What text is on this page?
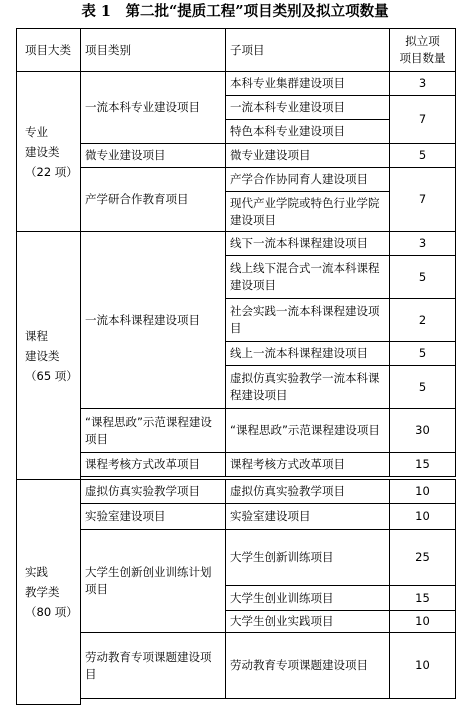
表 1　第二批“提质工程”项目类别及拟立项数量
项目大类	项目类别	子项目	拟立项
项目数量

专业
建设类
（22 项）	一流本科专业建设项目	本科专业集群建设项目	3
		一流本科专业建设项目	7
		特色本科专业建设项目	
	微专业建设项目	微专业建设项目	5
	产学研合作教育项目	产学合作协同育人建设项目	7
		现代产业学院或特色行业学院建设项目	

课程
建设类
（65 项）	一流本科课程建设项目	线下一流本科课程建设项目	3
		线上线下混合式一流本科课程建设项目	5
		社会实践一流本科课程建设项目	2
		线上一流本科课程建设项目	5
		虚拟仿真实验教学一流本科课程建设项目	5
	“课程思政”示范课程建设项目	“课程思政”示范课程建设项目	30
	课程考核方式改革项目	课程考核方式改革项目	15

实践
教学类
（80 项）	虚拟仿真实验教学项目	虚拟仿真实验教学项目	10
	实验室建设项目	实验室建设项目	10
	大学生创新创业训练计划项目	大学生创新训练项目	25
		大学生创业训练项目	15
		大学生创业实践项目	10
	劳动教育专项课题建设项目	劳动教育专项课题建设项目	10
